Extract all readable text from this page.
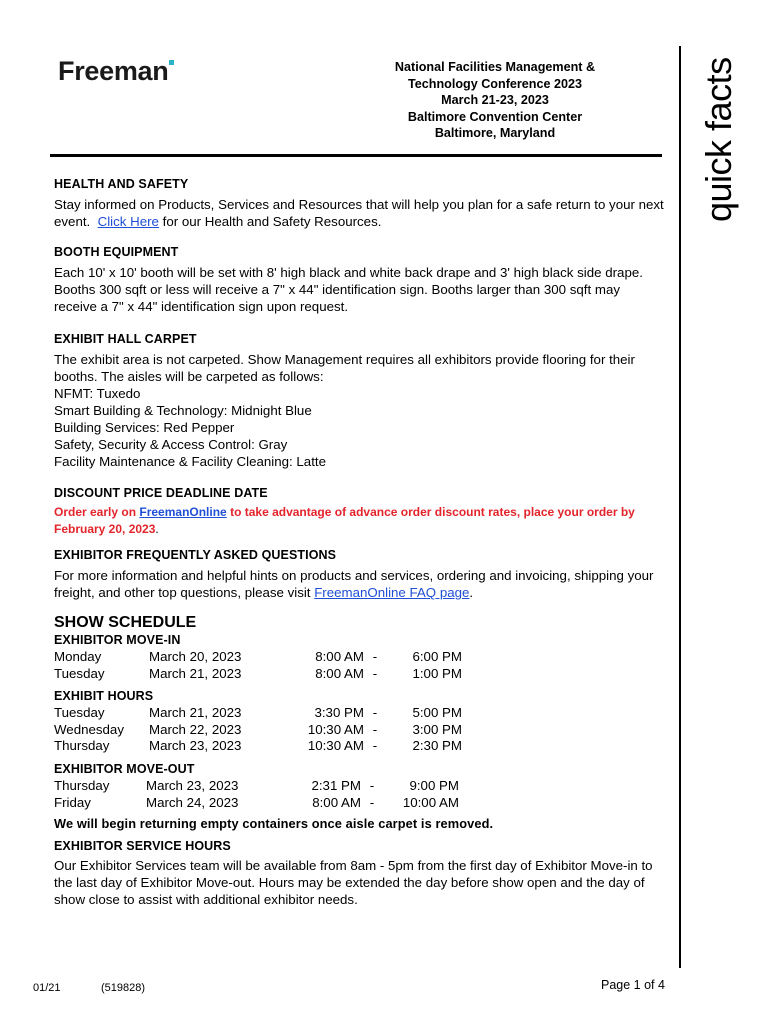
Freeman	National Facilities Management &
Technology Conference 2023
March 21-23, 2023
Baltimore Convention Center
Baltimore, Maryland	quick facts
HEALTH AND SAFETY
Stay informed on Products, Services and Resources that will help you plan for a safe return to your next event. Click Here for our Health and Safety Resources.
BOOTH EQUIPMENT
Each 10' x 10' booth will be set with 8' high black and white back drape and 3' high black side drape. Booths 300 sqft or less will receive a 7" x 44" identification sign. Booths larger than 300 sqft may receive a 7" x 44" identification sign upon request.
EXHIBIT HALL CARPET
The exhibit area is not carpeted. Show Management requires all exhibitors provide flooring for their booths. The aisles will be carpeted as follows:
NFMT: Tuxedo
Smart Building & Technology: Midnight Blue
Building Services: Red Pepper
Safety, Security & Access Control: Gray
Facility Maintenance & Facility Cleaning: Latte
DISCOUNT PRICE DEADLINE DATE
Order early on FreemanOnline to take advantage of advance order discount rates, place your order by February 20, 2023.
EXHIBITOR FREQUENTLY ASKED QUESTIONS
For more information and helpful hints on products and services, ordering and invoicing, shipping your freight, and other top questions, please visit FreemanOnline FAQ page.
SHOW SCHEDULE
EXHIBITOR MOVE-IN
Monday	March 20, 2023	8:00 AM	-	6:00 PM
Tuesday	March 21, 2023	8:00 AM	-	1:00 PM
EXHIBIT HOURS
Tuesday	March 21, 2023	3:30 PM	-	5:00 PM
Wednesday	March 22, 2023	10:30 AM	-	3:00 PM
Thursday	March 23, 2023	10:30 AM	-	2:30 PM
EXHIBITOR MOVE-OUT
Thursday	March 23, 2023	2:31 PM	-	9:00 PM
Friday	March 24, 2023	8:00 AM	-	10:00 AM
We will begin returning empty containers once aisle carpet is removed.
EXHIBITOR SERVICE HOURS
Our Exhibitor Services team will be available from 8am - 5pm from the first day of Exhibitor Move-in to the last day of Exhibitor Move-out. Hours may be extended the day before show open and the day of show close to assist with additional exhibitor needs.
01/21	(519828)	Page 1 of 4
